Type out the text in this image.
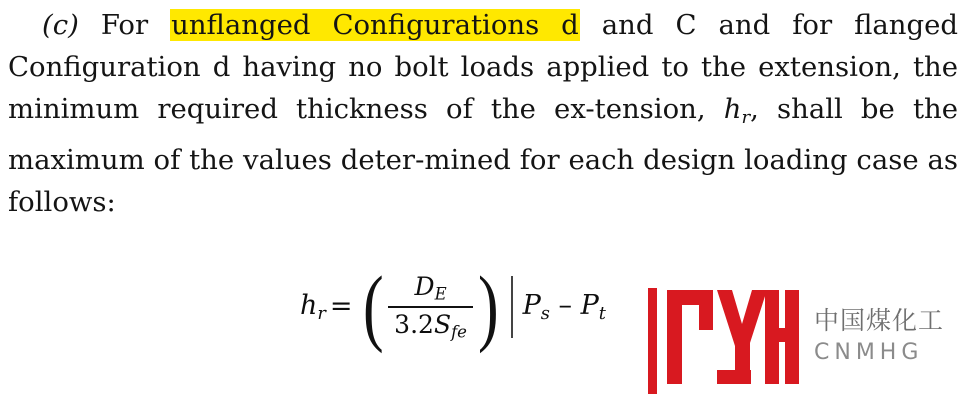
(c) For unflanged Configurations d and C and for flanged Configuration d having no bolt loads applied to the extension, the minimum required thickness of the ex-tension, $h_r$, shall be the maximum of the values deter-mined for each design loading case as follows:
$h_r$ = ( $\frac{D_E}{3.2S_{fe}}$ ) $P_s - P_t$	中国煤化工
CNMHG
